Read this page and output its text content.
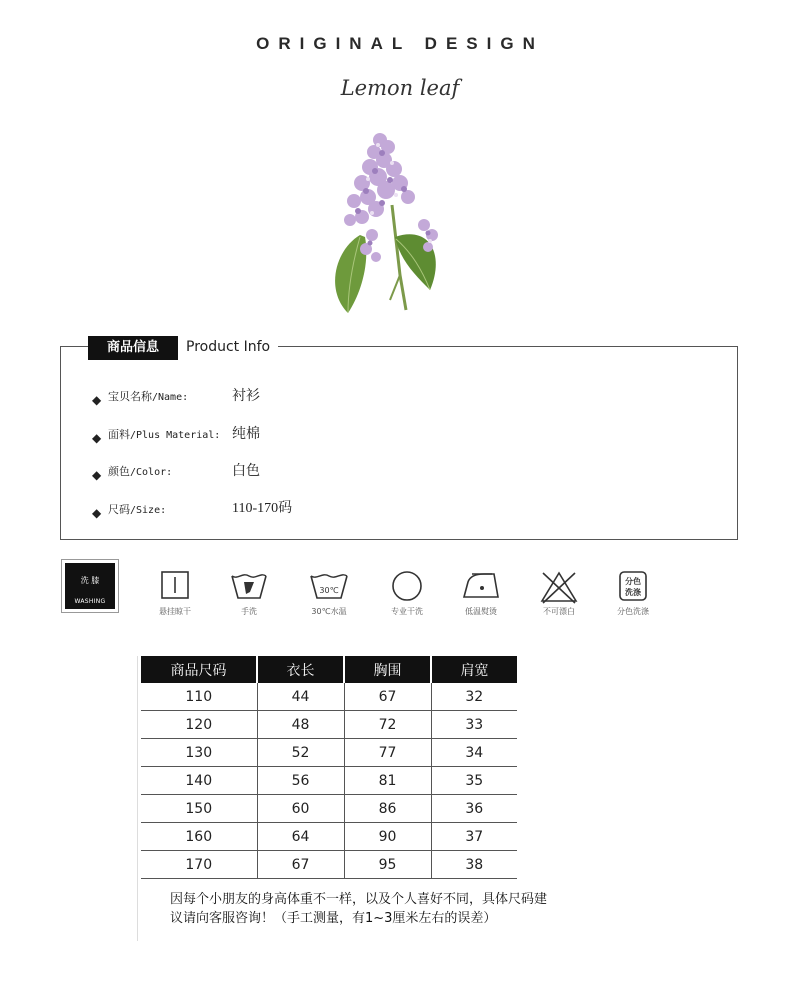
ORIGINAL DESIGN
Lemon leaf
商品信息	Product Info
◆ 宝贝名称/Name:	衬衫
◆ 面料/Plus Material: 纯棉
◆ 颜色/Color:	白色
◆ 尺码/Size:	110-170码
洗 膝
WASHING
悬挂晾干	手洗
30℃
30℃水温	专业干洗	低温熨烫	不可漂白
分色
洗涤
分色洗涤
商品尺码	衣长	胸围	肩宽
110	44	67	32
120	48	72	33
130	52	77	34
140	56	81	35
150	60	86	36
160	64	90	37
170	67	95	38
因每个小朋友的身高体重不一样，以及个人喜好不同，具体尺码建
议请向客服咨询！（手工测量，有1~3厘米左右的误差）
